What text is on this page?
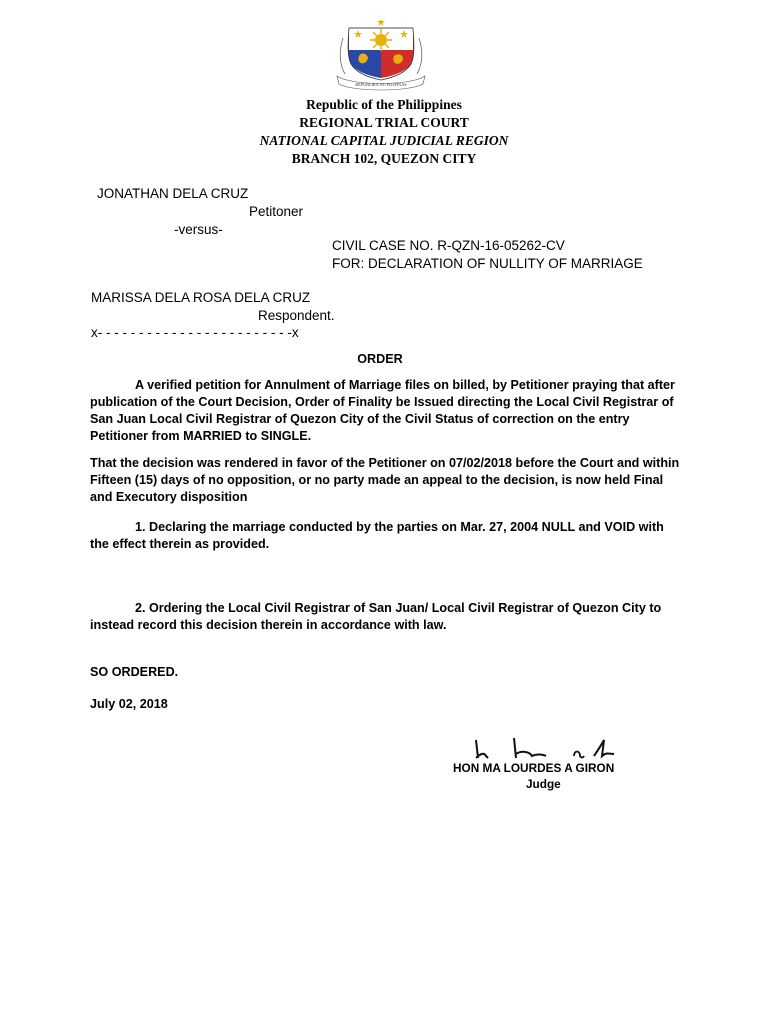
REPUBLIKA NG PILIPINAS
Republic of the Philippines
REGIONAL TRIAL COURT
NATIONAL CAPITAL JUDICIAL REGION
BRANCH 102, QUEZON CITY
JONATHAN DELA CRUZ
Petitoner
-versus-
CIVIL CASE NO. R-QZN-16-05262-CV
FOR: DECLARATION OF NULLITY OF MARRIAGE
MARISSA DELA ROSA DELA CRUZ
Respondent.
x- - - - - - - - - - - - - - - - - - - - - - - -x
ORDER
A verified petition for Annulment of Marriage files on billed, by Petitioner praying that after publication of the Court Decision, Order of Finality be Issued directing the Local Civil Registrar of San Juan Local Civil Registrar of Quezon City of the Civil Status of correction on the entry Petitioner from MARRIED to SINGLE.
That the decision was rendered in favor of the Petitioner on 07/02/2018 before the Court and within Fifteen (15) days of no opposition, or no party made an appeal to the decision, is now held Final and Executory disposition
1. Declaring the marriage conducted by the parties on Mar. 27, 2004 NULL and VOID with the effect therein as provided.
2. Ordering the Local Civil Registrar of San Juan/ Local Civil Registrar of Quezon City to instead record this decision therein in accordance with law.
SO ORDERED.
July 02, 2018
HON MA LOURDES A GIRON
Judge
